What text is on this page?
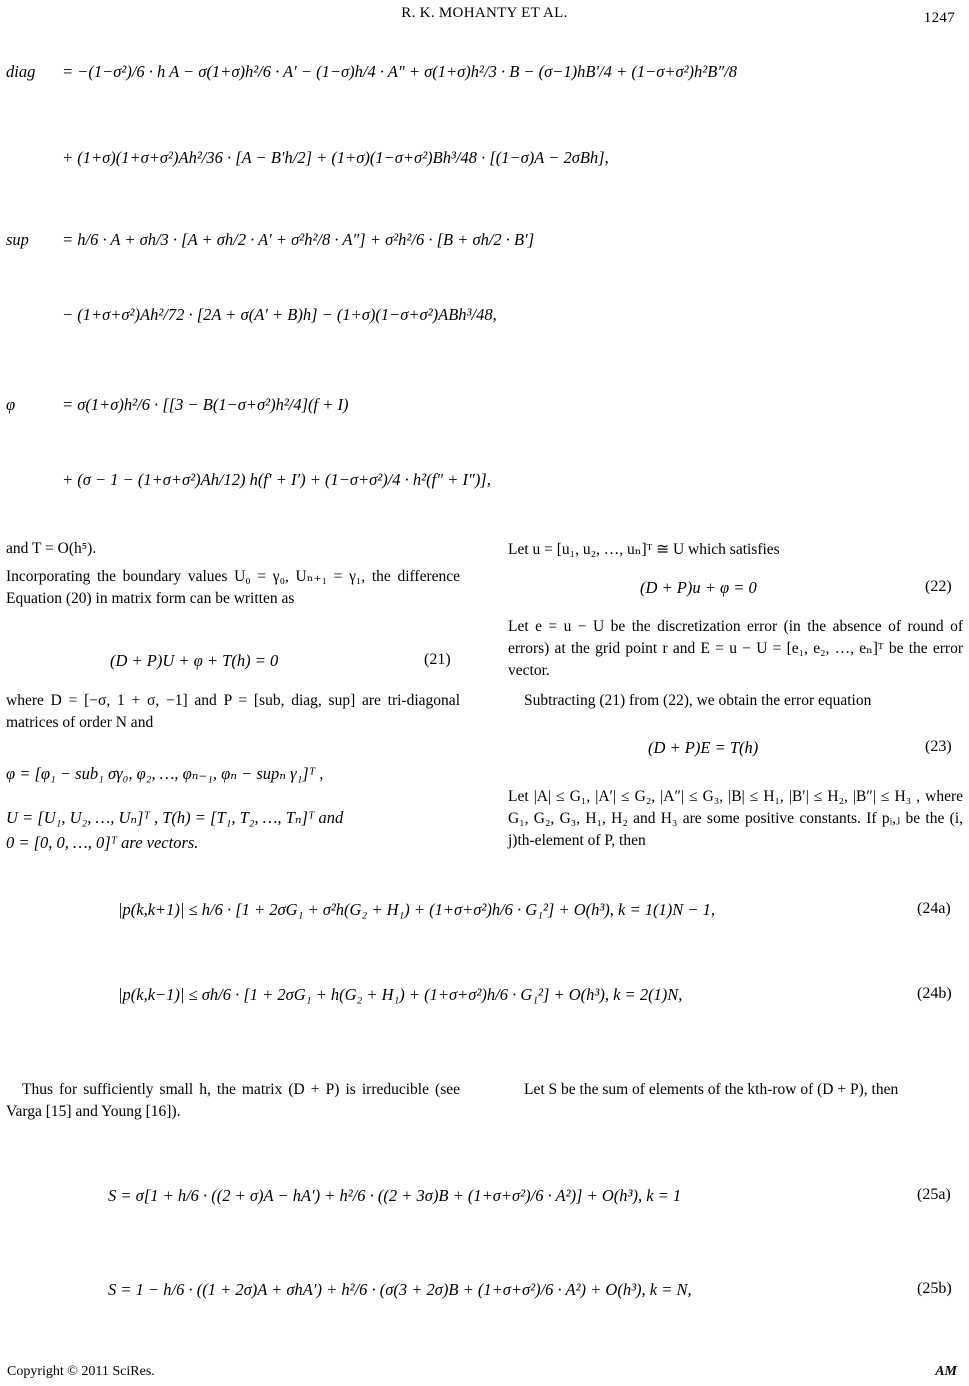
R. K. MOHANTY ET AL.	1247
diag = −(1−σ²)/6 · h A − σ(1+σ)h²/6 · A′ − (1−σ)h/4 · A″ + σ(1+σ)h²/3 · B − (σ−1)hB′/4 + (1−σ+σ²)h²B″/8
+ (1+σ)(1+σ+σ²)Ah²/36 · [A − B′h/2] + (1+σ)(1−σ+σ²)Bh³/48 · [(1−σ)A − 2σBh],
sup = h/6 · A + σh/3 · [A + σh/2 · A′ + σ²h²/8 · A″] + σ²h²/6 · [B + σh/2 · B′]
− (1+σ+σ²)Ah²/72 · [2A + σ(A′ + B)h] − (1+σ)(1−σ+σ²)ABh³/48,
φ	= σ(1+σ)h²/6 · [[3 − B(1−σ+σ²)h²/4](f + I)
+ (σ − 1 − (1+σ+σ²)Ah/12) h(f′ + I′) + (1−σ+σ²)/4 · h²(f″ + I″)],
and T = O(h⁵).
Incorporating the boundary values U₀ = γ₀, Uₙ₊₁ = γ₁, the difference Equation (20) in matrix form can be written as
(D + P)U + φ + T(h) = 0	(21)
where D = [−σ, 1 + σ, −1] and P = [sub, diag, sup] are tri-diagonal matrices of order N and
φ = [φ₁ − sub₁ σγ₀, φ₂, …, φₙ₋₁, φₙ − supₙ γ₁]ᵀ ,
U = [U₁, U₂, …, Uₙ]ᵀ , T(h) = [T₁, T₂, …, Tₙ]ᵀ and
0 = [0, 0, …, 0]ᵀ are vectors.
Let u = [u₁, u₂, …, uₙ]ᵀ ≅ U which satisfies
(D + P)u + φ = 0	(22)
Let e = u − U be the discretization error (in the absence of round of errors) at the grid point r and E = u − U = [e₁, e₂, …, eₙ]ᵀ be the error vector.
Subtracting (21) from (22), we obtain the error equation
(D + P)E = T(h)	(23)
Let |A| ≤ G₁, |A′| ≤ G₂, |A″| ≤ G₃, |B| ≤ H₁, |B′| ≤ H₂, |B″| ≤ H₃ , where G₁, G₂, G₃, H₁, H₂ and H₃ are some positive constants. If pᵢ,ⱼ be the (i, j)th-element of P, then
|p(k,k+1)| ≤ h/6 · [1 + 2σG₁ + σ²h(G₂ + H₁) + (1+σ+σ²)h/6 · G₁²] + O(h³), k = 1(1)N − 1,	(24a)
|p(k,k−1)| ≤ σh/6 · [1 + 2σG₁ + h(G₂ + H₁) + (1+σ+σ²)h/6 · G₁²] + O(h³), k = 2(1)N,	(24b)
Thus for sufficiently small h, the matrix (D + P) is irreducible (see Varga [15] and Young [16]).
Let S be the sum of elements of the kth-row of (D + P), then
S = σ[1 + h/6 · ((2 + σ)A − hA′) + h²/6 · ((2 + 3σ)B + (1+σ+σ²)/6 · A²)] + O(h³), k = 1	(25a)
S = 1 − h/6 · ((1 + 2σ)A + σhA′) + h²/6 · (σ(3 + 2σ)B + (1+σ+σ²)/6 · A²) + O(h³), k = N,	(25b)
Copyright © 2011 SciRes.	AM
